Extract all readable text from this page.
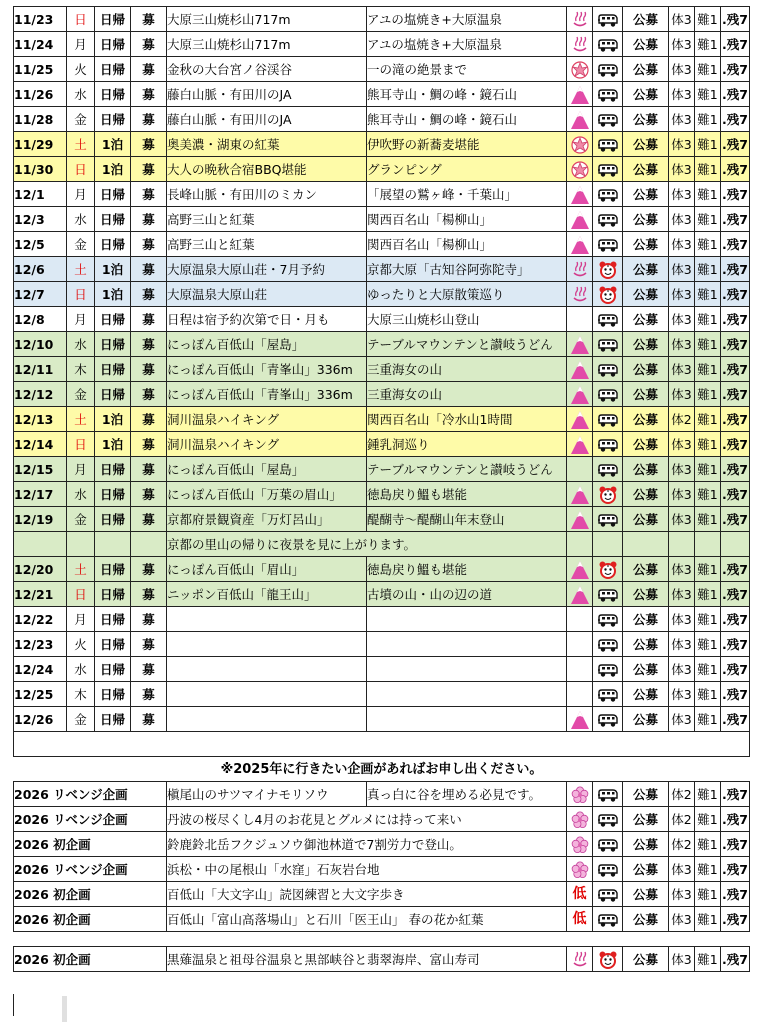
11/23	日	日帰	募	大原三山焼杉山717m	アユの塩焼き+大原温泉			公募	体3	難1	.残7
11/24	月	日帰	募	大原三山焼杉山717m	アユの塩焼き+大原温泉			公募	体3	難1	.残7
11/25	火	日帰	募	金秋の大台宮ノ谷渓谷	一の滝の絶景まで			公募	体3	難1	.残7
11/26	水	日帰	募	藤白山脈・有田川のJA	熊耳寺山・鯛の峰・鏡石山			公募	体3	難1	.残7
11/28	金	日帰	募	藤白山脈・有田川のJA	熊耳寺山・鯛の峰・鏡石山			公募	体3	難1	.残7
11/29	土	1泊	募	奥美濃・湖東の紅葉	伊吹野の新蕎麦堪能			公募	体3	難1	.残7
11/30	日	1泊	募	大人の晩秋合宿BBQ堪能	グランピング			公募	体3	難1	.残7
12/1	月	日帰	募	長峰山脈・有田川のミカン	「展望の鷲ヶ峰・千葉山」			公募	体3	難1	.残7
12/3	水	日帰	募	高野三山と紅葉	関西百名山「楊柳山」			公募	体3	難1	.残7
12/5	金	日帰	募	高野三山と紅葉	関西百名山「楊柳山」			公募	体3	難1	.残7
12/6	土	1泊	募	大原温泉大原山荘・7月予約	京都大原「古知谷阿弥陀寺」			公募	体3	難1	.残7
12/7	日	1泊	募	大原温泉大原山荘	ゆったりと大原散策巡り			公募	体3	難1	.残7
12/8	月	日帰	募	日程は宿予約次第で日・月も	大原三山焼杉山登山			公募	体3	難1	.残7
12/10	水	日帰	募	にっぽん百低山「屋島」	テーブルマウンテンと讃岐うどん			公募	体3	難1	.残7
12/11	木	日帰	募	にっぽん百低山「青峯山」336m	三重海女の山			公募	体3	難1	.残7
12/12	金	日帰	募	にっぽん百低山「青峯山」336m	三重海女の山			公募	体3	難1	.残7
12/13	土	1泊	募	洞川温泉ハイキング	関西百名山「冷水山1時間			公募	体2	難1	.残7
12/14	日	1泊	募	洞川温泉ハイキング	鍾乳洞巡り			公募	体3	難1	.残7
12/15	月	日帰	募	にっぽん百低山「屋島」	テーブルマウンテンと讃岐うどん			公募	体3	難1	.残7
12/17	水	日帰	募	にっぽん百低山「万葉の眉山」	徳島戻り鰮も堪能			公募	体3	難1	.残7
12/19	金	日帰	募	京都府景観資産「万灯呂山」	醍醐寺～醍醐山年末登山			公募	体3	難1	.残7
				京都の里山の帰りに夜景を見に上がります。							
12/20	土	日帰	募	にっぽん百低山「眉山」	徳島戻り鰮も堪能			公募	体3	難1	.残7
12/21	日	日帰	募	ニッポン百低山「龍王山」	古墳の山・山の辺の道			公募	体3	難1	.残7
12/22	月	日帰	募					公募	体3	難1	.残7
12/23	火	日帰	募					公募	体3	難1	.残7
12/24	水	日帰	募					公募	体3	難1	.残7
12/25	木	日帰	募					公募	体3	難1	.残7
12/26	金	日帰	募					公募	体3	難1	.残7

※2025年に行きたい企画があればお申し出ください。											
2026 リベンジ企画				槇尾山のサツマイナモリソウ	真っ白に谷を埋める必見です。			公募	体2	難1	.残7
2026 リベンジ企画				丹波の桜尽くし4月のお花見とグルメには持って来い				公募	体2	難1	.残7
2026 初企画				鈴鹿鈴北岳フクジュソウ御池林道で7割労力で登山。				公募	体2	難1	.残7
2026 リベンジ企画				浜松・中の尾根山「水窪」石灰岩台地				公募	体3	難1	.残7
2026 初企画				百低山「大文字山」読図練習と大文字歩き		低		公募	体3	難1	.残7
2026 初企画				百低山「富山高落場山」と石川「医王山」 春の花か紅葉		低		公募	体3	難1	.残7

2026 初企画				黒薙温泉と祖母谷温泉と黒部峡谷と翡翠海岸、富山寿司				公募	体3	難1	.残7
